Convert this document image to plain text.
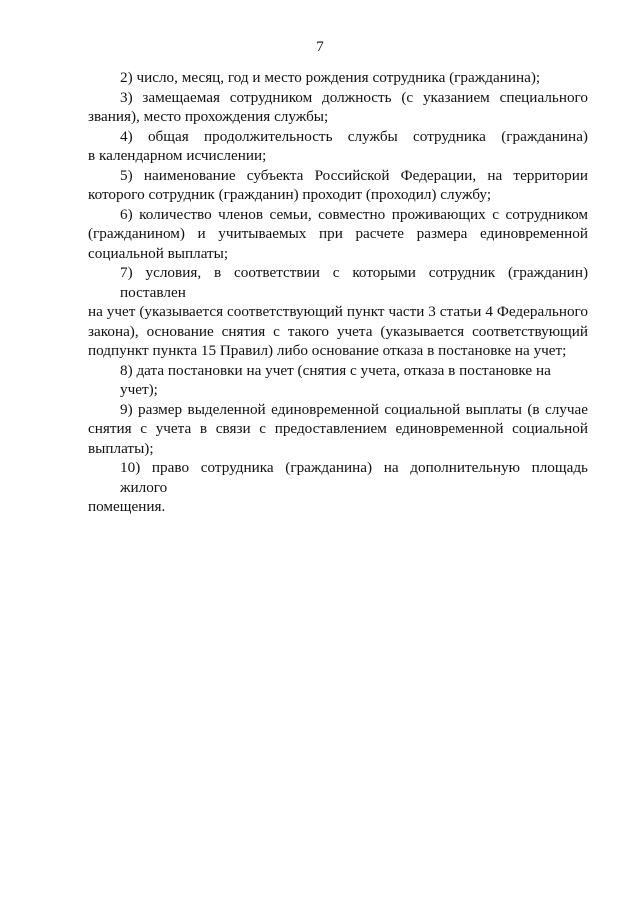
7

2) число, месяц, год и место рождения сотрудника (гражданина);

3) замещаемая сотрудником должность (с указанием специального
звания), место прохождения службы;

4) общая продолжительность службы сотрудника (гражданина)
в календарном исчислении;

5) наименование субъекта Российской Федерации, на территории
которого сотрудник (гражданин) проходит (проходил) службу;

6) количество членов семьи, совместно проживающих с сотрудником
(гражданином) и учитываемых при расчете размера единовременной
социальной выплаты;

7) условия, в соответствии с которыми сотрудник (гражданин) поставлен
на учет (указывается соответствующий пункт части 3 статьи 4 Федерального
закона), основание снятия с такого учета (указывается соответствующий
подпункт пункта 15 Правил) либо основание отказа в постановке на учет;

8) дата постановки на учет (снятия с учета, отказа в постановке на учет);

9) размер выделенной единовременной социальной выплаты (в случае
снятия с учета в связи с предоставлением единовременной социальной
выплаты);

10) право сотрудника (гражданина) на дополнительную площадь жилого
помещения.
